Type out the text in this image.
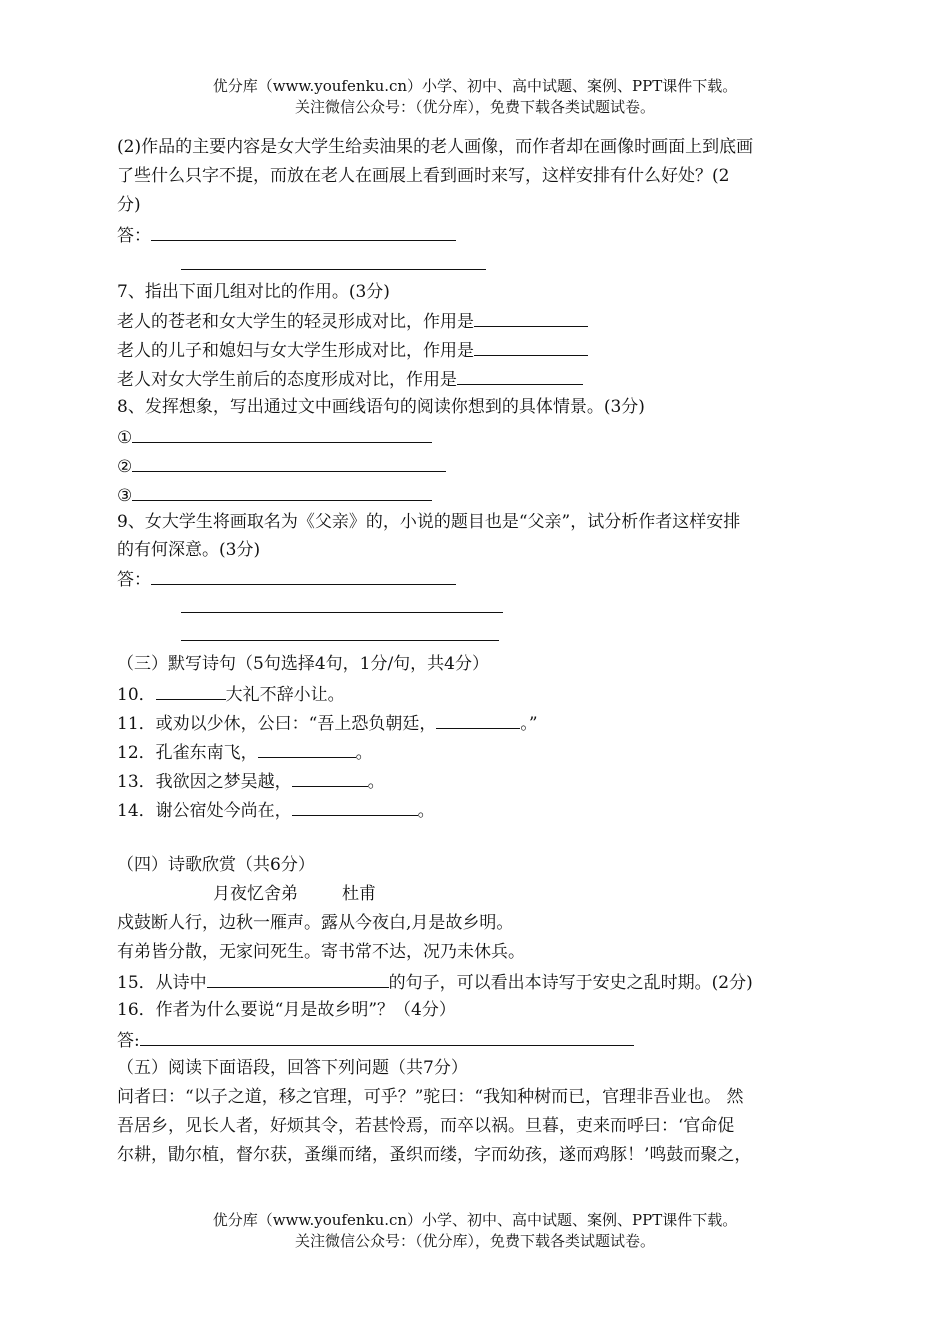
优分库（www.youfenku.cn）小学、初中、高中试题、案例、PPT课件下载。
关注微信公众号：（优分库），免费下载各类试题试卷。
(2)作品的主要内容是女大学生给卖油果的老人画像，而作者却在画像时画面上到底画
了些什么只字不提，而放在老人在画展上看到画时来写，这样安排有什么好处？(2
分)
答：
7、指出下面几组对比的作用。(3分)
老人的苍老和女大学生的轻灵形成对比，作用是
老人的儿子和媳妇与女大学生形成对比，作用是
老人对女大学生前后的态度形成对比，作用是
8、发挥想象，写出通过文中画线语句的阅读你想到的具体情景。(3分)
①
②
③
9、女大学生将画取名为《父亲》的，小说的题目也是“父亲”，试分析作者这样安排
的有何深意。(3分)
答：
（三）默写诗句（5句选择4句，1分/句，共4分）
10．	大礼不辞小让。
11．或劝以少休，公曰：“吾上恐负朝廷，	。”
12．孔雀东南飞，	。
13．我欲因之梦吴越，	。
14．谢公宿处今尚在，	。
（四）诗歌欣赏（共6分）
月夜忆舍弟	杜甫
戍鼓断人行，边秋一雁声。露从今夜白,月是故乡明。
有弟皆分散，无家问死生。寄书常不达，况乃未休兵。
15．从诗中	的句子，可以看出本诗写于安史之乱时期。(2分)
16．作者为什么要说“月是故乡明”？（4分）
答:
（五）阅读下面语段，回答下列问题（共7分）
问者曰：“以子之道，移之官理，可乎？”驼曰：“我知种树而已，官理非吾业也。 然
吾居乡，见长人者，好烦其令，若甚怜焉，而卒以祸。旦暮，吏来而呼曰：‘官命促
尔耕，勖尔植，督尔获，蚤缫而绪，蚤织而缕，字而幼孩，遂而鸡豚！’鸣鼓而聚之，
优分库（www.youfenku.cn）小学、初中、高中试题、案例、PPT课件下载。
关注微信公众号：（优分库），免费下载各类试题试卷。
